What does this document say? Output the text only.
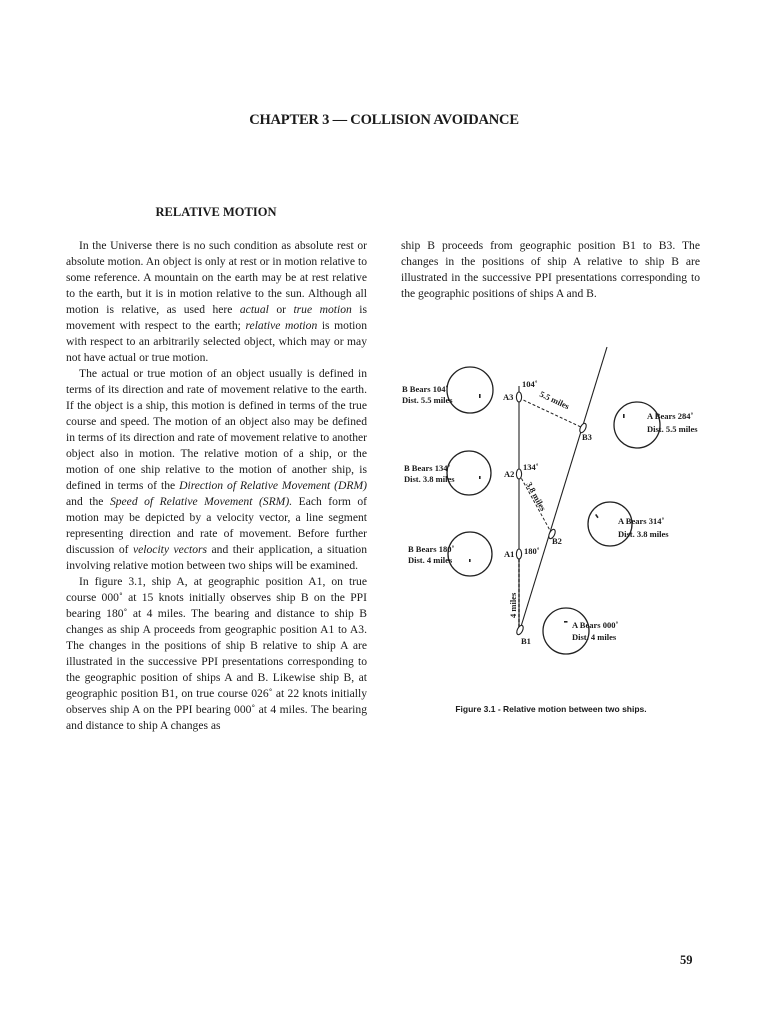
CHAPTER 3 — COLLISION AVOIDANCE
RELATIVE MOTION

In the Universe there is no such condition as absolute rest or absolute motion. An object is only at rest or in motion relative to some reference. A mountain on the earth may be at rest relative to the earth, but it is in motion relative to the sun. Although all motion is relative, as used here actual or true motion is movement with respect to the earth; relative motion is motion with respect to an arbitrarily selected object, which may or may not have actual or true motion.

The actual or true motion of an object usually is defined in terms of its direction and rate of movement relative to the earth. If the object is a ship, this motion is defined in terms of the true course and speed. The motion of an object also may be defined in terms of its direction and rate of movement relative to another object also in motion. The relative motion of a ship, or the motion of one ship relative to the motion of another ship, is defined in terms of the Direction of Relative Movement (DRM) and the Speed of Relative Movement (SRM). Each form of motion may be depicted by a velocity vector, a line segment representing direction and rate of movement. Before further discussion of velocity vectors and their application, a situation involving relative motion between two ships will be examined.

In figure 3.1, ship A, at geographic position A1, on true course 000˚ at 15 knots initially observes ship B on the PPI bearing 180˚ at 4 miles. The bearing and distance to ship B changes as ship A proceeds from geographic position A1 to A3. The changes in the positions of ship B relative to ship A are illustrated in the successive PPI presentations corresponding to the geographic position of ships A and B. Likewise ship B, at geographic position B1, on true course 026˚ at 22 knots initially observes ship A on the PPI bearing 000˚ at 4 miles. The bearing and distance to ship A changes as

ship B proceeds from geographic position B1 to B3. The changes in the positions of ship A relative to ship B are illustrated in the successive PPI presentations corresponding to the geographic positions of ships A and B.

B Bears 104˚
Dist. 5.5 miles
B Bears 134˚
Dist. 3.8 miles
B Bears 180˚
Dist. 4 miles
A Bears 284˚
Dist. 5.5 miles
A Bears 314˚
Dist. 3.8 miles
A Bears 000˚
Dist. 4 miles
A3
A2
A1
B3
B2
B1
104˚
134˚
180˚
5.5 miles
3.8 miles
4 miles
Figure 3.1 - Relative motion between two ships.
59
